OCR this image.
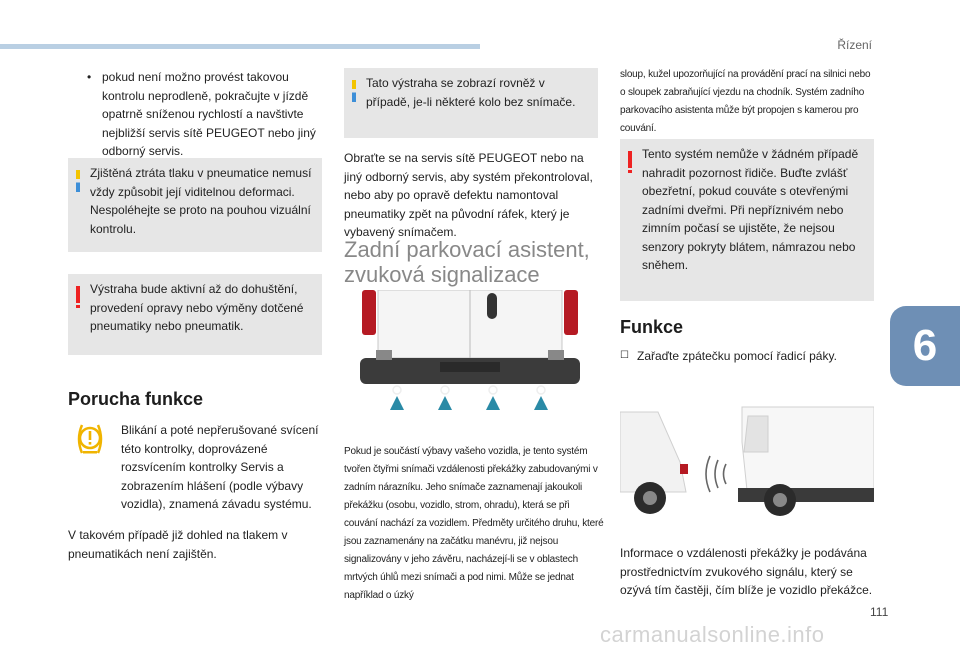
Řízení
6
111
carmanualsonline.info
• pokud není možno provést takovou kontrolu neprodleně, pokračujte v jízdě opatrně sníženou rychlostí a navštivte nejbližší servis sítě PEUGEOT nebo jiný odborný servis.

Zjištěná ztráta tlaku v pneumatice nemusí vždy způsobit její viditelnou deformaci. Nespoléhejte se proto na pouhou vizuální kontrolu.

Výstraha bude aktivní až do dohuštění, provedení opravy nebo výměny dotčené pneumatiky nebo pneumatik.

Porucha funkce

Blikání a poté nepřerušované svícení této kontrolky, doprovázené rozsvícením kontrolky Servis a zobrazením hlášení (podle výbavy vozidla), znamená závadu systému.

V takovém případě již dohled na tlakem v pneumatikách není zajištěn.

Tato výstraha se zobrazí rovněž v případě, je-li některé kolo bez snímače.

Obraťte se na servis sítě PEUGEOT nebo na jiný odborný servis, aby systém překontroloval, nebo aby po opravě defektu namontoval pneumatiky zpět na původní ráfek, který je vybavený snímačem.

Zadní parkovací asistent,
zvuková signalizace

Pokud je součástí výbavy vašeho vozidla, je tento systém tvořen čtyřmi snímači vzdálenosti překážky zabudovanými v zadním nárazníku. Jeho snímače zaznamenají jakoukoli překážku (osobu, vozidlo, strom, ohradu), která se při couvání nachází za vozidlem. Předměty určitého druhu, které jsou zaznamenány na začátku manévru, již nejsou signalizovány v jeho závěru, nacházejí-li se v oblastech mrtvých úhlů mezi snímači a pod nimi. Může se jednat například o úzký

sloup, kužel upozorňující na provádění prací na silnici nebo o sloupek zabraňující vjezdu na chodník. Systém zadního parkovacího asistenta může být propojen s kamerou pro couvání.

Tento systém nemůže v žádném případě nahradit pozornost řidiče. Buďte zvlášť obezřetní, pokud couváte s otevřenými zadními dveřmi. Při nepříznivém nebo zimním počasí se ujistěte, že nejsou senzory pokryty blátem, námrazou nebo sněhem.

Funkce
☐ Zařaďte zpátečku pomocí řadicí páky.

Informace o vzdálenosti překážky je podávána prostřednictvím zvukového signálu, který se ozývá tím častěji, čím blíže je vozidlo překážce.
